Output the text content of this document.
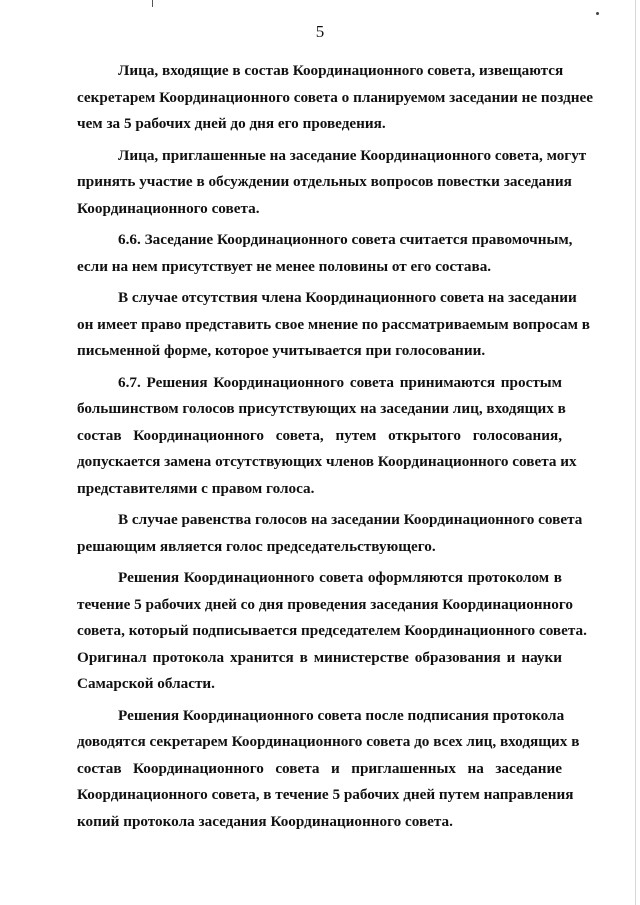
5
Лица, входящие в состав Координационного совета, извещаются
секретарем Координационного совета о планируемом заседании не позднее
чем за 5 рабочих дней до дня его проведения.
Лица, приглашенные на заседание Координационного совета, могут
принять участие в обсуждении отдельных вопросов повестки заседания
Координационного совета.
6.6. Заседание Координационного совета считается правомочным,
если на нем присутствует не менее половины от его состава.
В случае отсутствия члена Координационного совета на заседании
он имеет право представить свое мнение по рассматриваемым вопросам в
письменной форме, которое учитывается при голосовании.
6.7. Решения Координационного совета принимаются простым
большинством голосов присутствующих на заседании лиц, входящих в
состав Координационного совета, путем открытого голосования,
допускается замена отсутствующих членов Координационного совета их
представителями с правом голоса.
В случае равенства голосов на заседании Координационного совета
решающим является голос председательствующего.
Решения Координационного совета оформляются протоколом в
течение 5 рабочих дней со дня проведения заседания Координационного
совета, который подписывается председателем Координационного совета.
Оригинал протокола хранится в министерстве образования и науки
Самарской области.
Решения Координационного совета после подписания протокола
доводятся секретарем Координационного совета до всех лиц, входящих в
состав Координационного совета и приглашенных на заседание
Координационного совета, в течение 5 рабочих дней путем направления
копий протокола заседания Координационного совета.
